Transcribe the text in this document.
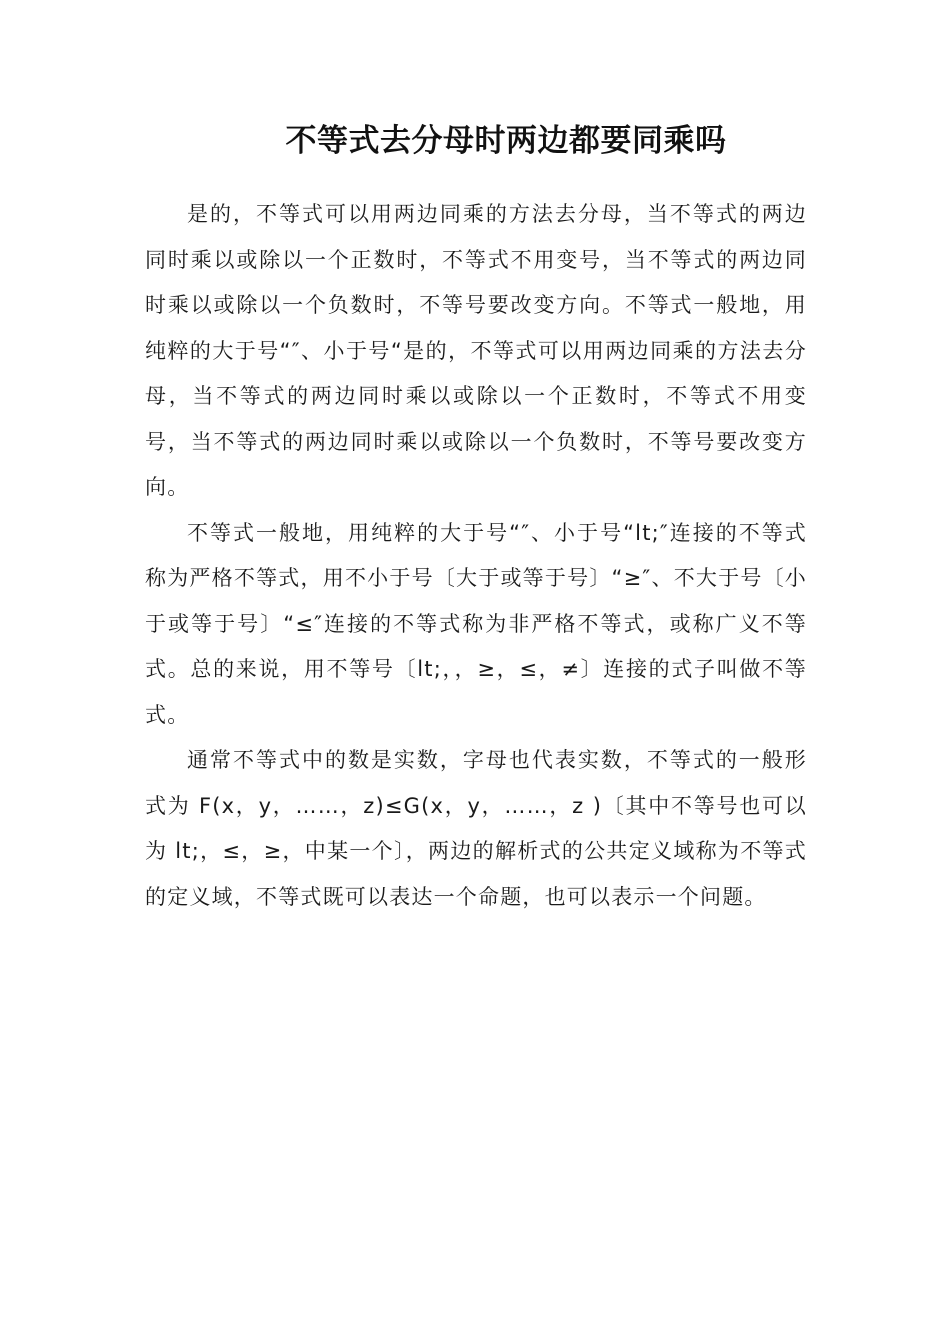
不等式去分母时两边都要同乘吗

是的，不等式可以用两边同乘的方法去分母，当不等式的两边同时乘以或除以一个正数时，不等式不用变号，当不等式的两边同时乘以或除以一个负数时，不等号要改变方向。不等式一般地，用纯粹的大于号“″、小于号“是的，不等式可以用两边同乘的方法去分母，当不等式的两边同时乘以或除以一个正数时，不等式不用变号，当不等式的两边同时乘以或除以一个负数时，不等号要改变方向。

不等式一般地，用纯粹的大于号“″、小于号“lt;″连接的不等式称为严格不等式，用不小于号〔大于或等于号〕“≥″、不大于号〔小于或等于号〕“≤″连接的不等式称为非严格不等式，或称广义不等式。总的来说，用不等号〔lt;，，≥，≤，≠〕连接的式子叫做不等式。

通常不等式中的数是实数，字母也代表实数，不等式的一般形式为 F(x，y，……，z)≤G(x，y，……，z )〔其中不等号也可以为 lt;，≤，≥，中某一个〕，两边的解析式的公共定义域称为不等式的定义域，不等式既可以表达一个命题，也可以表示一个问题。
